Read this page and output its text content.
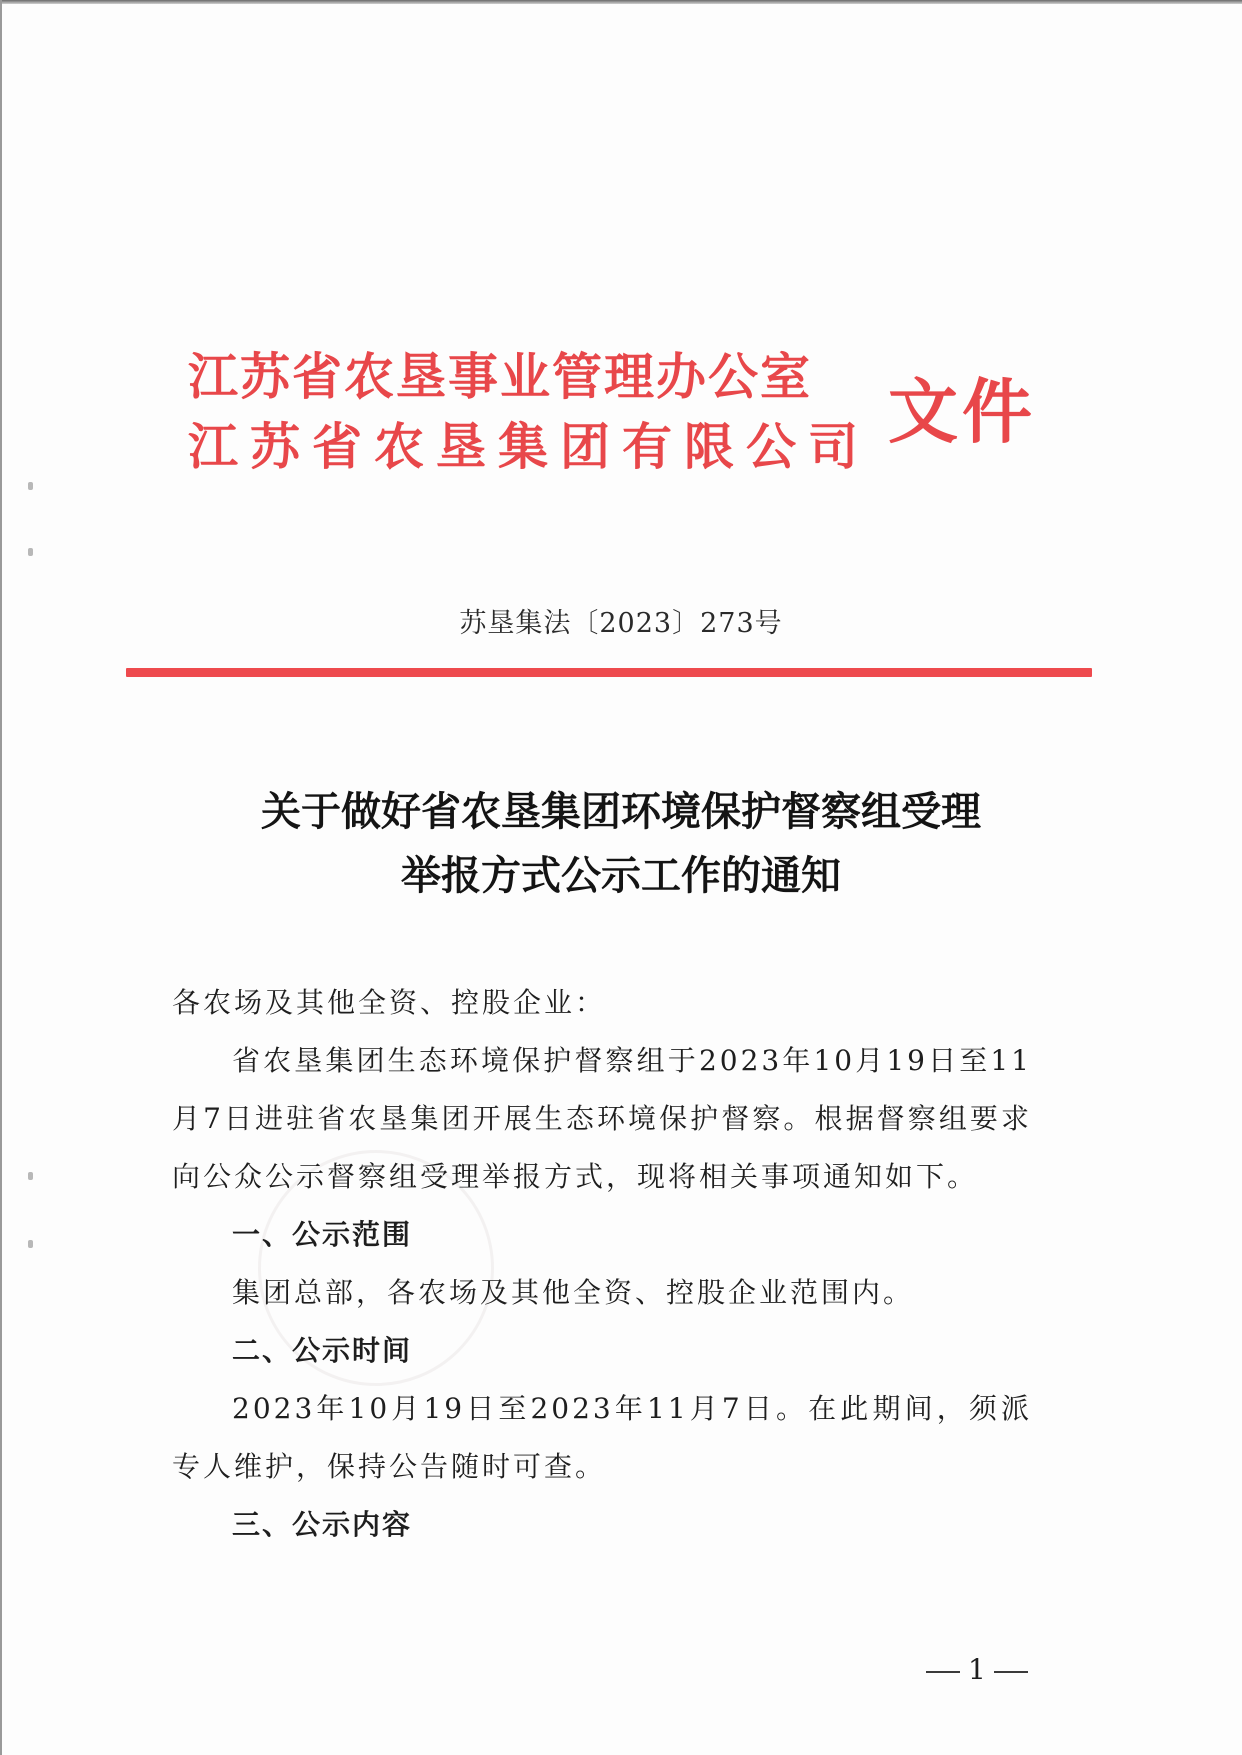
江苏省农垦事业管理办公室
江苏省农垦集团有限公司 文件
苏垦集法〔2023〕273号
关于做好省农垦集团环境保护督察组受理
举报方式公示工作的通知

各农场及其他全资、控股企业：

省农垦集团生态环境保护督察组于2023年10月19日至11月7日进驻省农垦集团开展生态环境保护督察。根据督察组要求向公众公示督察组受理举报方式，现将相关事项通知如下。

一、公示范围

集团总部，各农场及其他全资、控股企业范围内。

二、公示时间

2023年10月19日至2023年11月7日。在此期间，须派专人维护，保持公告随时可查。

三、公示内容

1
